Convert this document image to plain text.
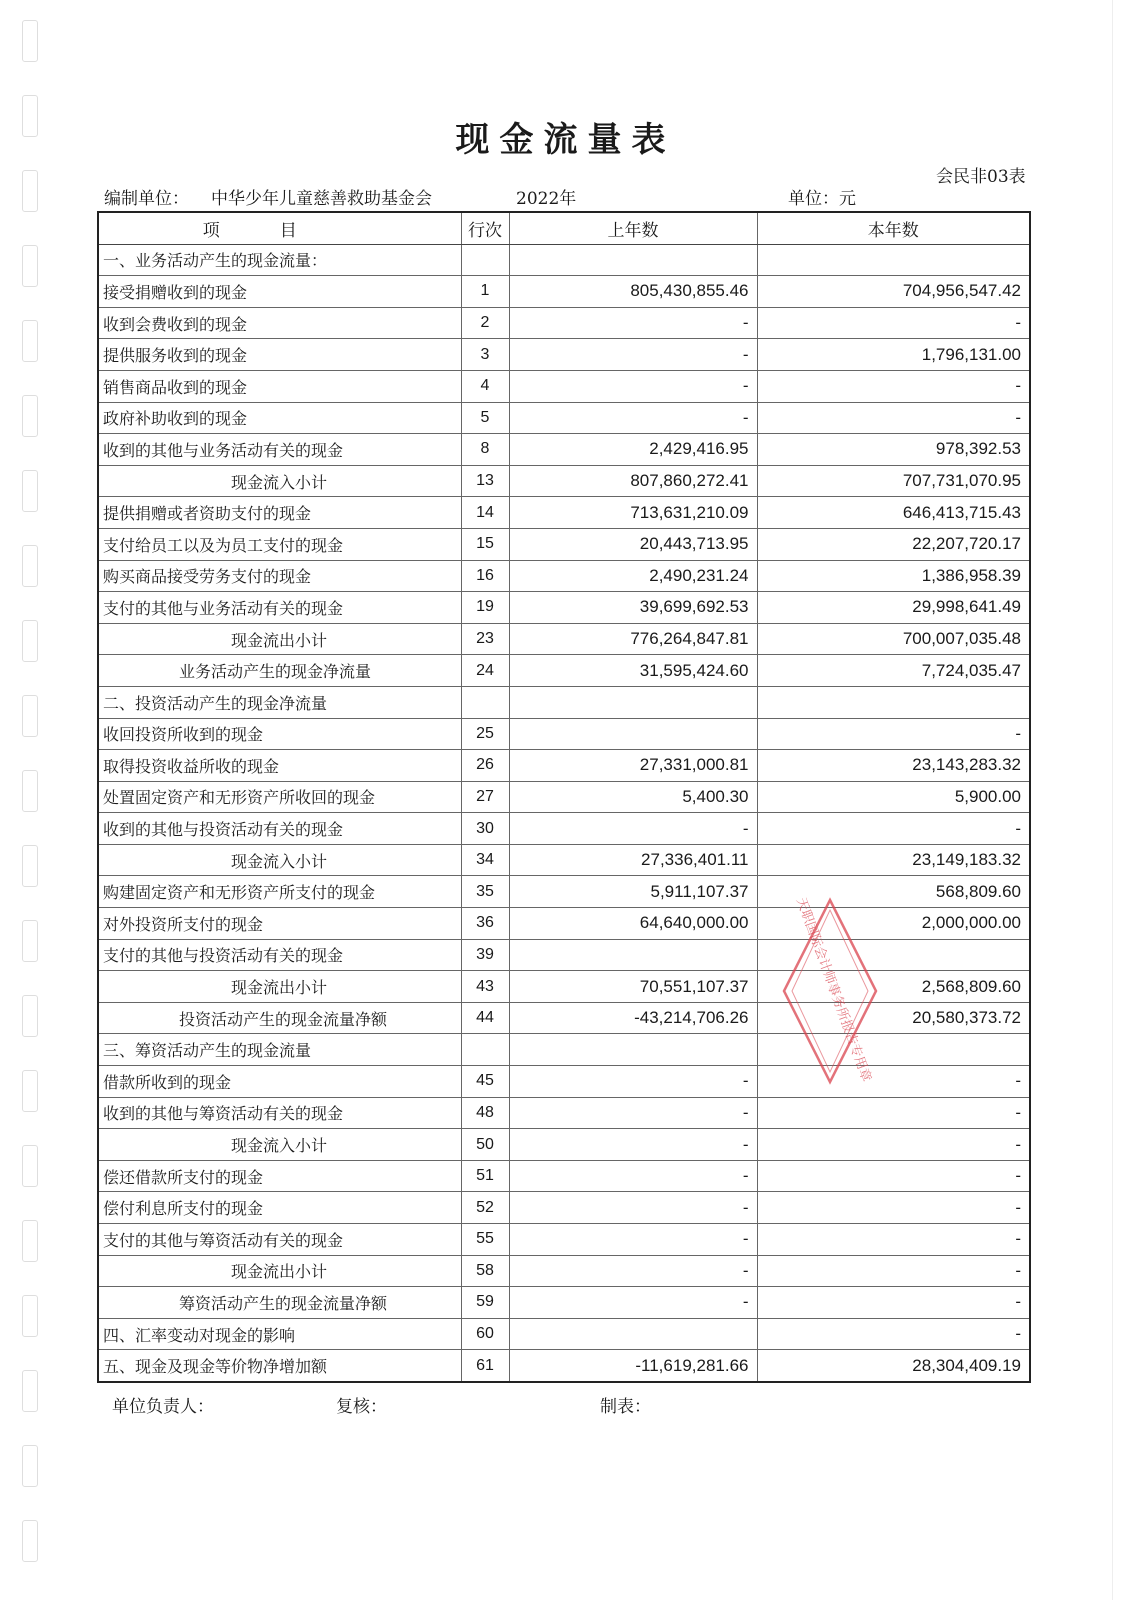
现金流量表
会民非03表
编制单位： 中华少年儿童慈善救助基金会	2022年	单位：元
项目	行次	上年数	本年数
一、业务活动产生的现金流量：			
接受捐赠收到的现金	1	805,430,855.46	704,956,547.42
收到会费收到的现金	2	-	-
提供服务收到的现金	3	-	1,796,131.00
销售商品收到的现金	4	-	-
政府补助收到的现金	5	-	-
收到的其他与业务活动有关的现金	8	2,429,416.95	978,392.53
现金流入小计	13	807,860,272.41	707,731,070.95
提供捐赠或者资助支付的现金	14	713,631,210.09	646,413,715.43
支付给员工以及为员工支付的现金	15	20,443,713.95	22,207,720.17
购买商品接受劳务支付的现金	16	2,490,231.24	1,386,958.39
支付的其他与业务活动有关的现金	19	39,699,692.53	29,998,641.49
现金流出小计	23	776,264,847.81	700,007,035.48
业务活动产生的现金净流量	24	31,595,424.60	7,724,035.47
二、投资活动产生的现金净流量			
收回投资所收到的现金	25		-
取得投资收益所收的现金	26	27,331,000.81	23,143,283.32
处置固定资产和无形资产所收回的现金	27	5,400.30	5,900.00
收到的其他与投资活动有关的现金	30	-	-
现金流入小计	34	27,336,401.11	23,149,183.32
购建固定资产和无形资产所支付的现金	35	5,911,107.37	568,809.60
对外投资所支付的现金	36	64,640,000.00	2,000,000.00
支付的其他与投资活动有关的现金	39		
现金流出小计	43	70,551,107.37	2,568,809.60
投资活动产生的现金流量净额	44	-43,214,706.26	20,580,373.72
三、筹资活动产生的现金流量			
借款所收到的现金	45	-	-
收到的其他与筹资活动有关的现金	48	-	-
现金流入小计	50	-	-
偿还借款所支付的现金	51	-	-
偿付利息所支付的现金	52	-	-
支付的其他与筹资活动有关的现金	55	-	-
现金流出小计	58	-	-
筹资活动产生的现金流量净额	59	-	-
四、汇率变动对现金的影响	60		-
五、现金及现金等价物净增加额	61	-11,619,281.66	28,304,409.19
单位负责人：	复核：	制表：
天职国际会计师事务所报告专用章
